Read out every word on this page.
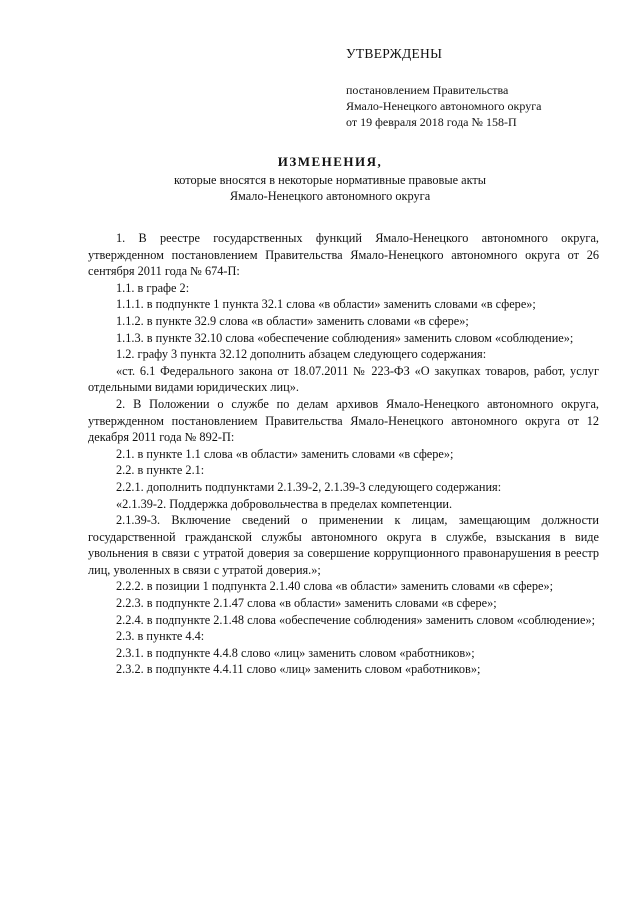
УТВЕРЖДЕНЫ
постановлением Правительства
Ямало-Ненецкого автономного округа
от 19 февраля 2018 года № 158-П
ИЗМЕНЕНИЯ,
которые вносятся в некоторые нормативные правовые акты
Ямало-Ненецкого автономного округа

1. В реестре государственных функций Ямало-Ненецкого автономного округа, утвержденном постановлением Правительства Ямало-Ненецкого автономного округа от 26 сентября 2011 года № 674-П:

1.1. в графе 2:

1.1.1. в подпункте 1 пункта 32.1 слова «в области» заменить словами «в сфере»;

1.1.2. в пункте 32.9 слова «в области» заменить словами «в сфере»;

1.1.3. в пункте 32.10 слова «обеспечение соблюдения» заменить словом «соблюдение»;

1.2. графу 3 пункта 32.12 дополнить абзацем следующего содержания:

«ст. 6.1 Федерального закона от 18.07.2011 № 223-ФЗ «О закупках товаров, работ, услуг отдельными видами юридических лиц».

2. В Положении о службе по делам архивов Ямало-Ненецкого автономного округа, утвержденном постановлением Правительства Ямало-Ненецкого автономного округа от 12 декабря 2011 года № 892-П:

2.1. в пункте 1.1 слова «в области» заменить словами «в сфере»;

2.2. в пункте 2.1:

2.2.1. дополнить подпунктами 2.1.39-2, 2.1.39-3 следующего содержания:

«2.1.39-2. Поддержка добровольчества в пределах компетенции.

2.1.39-3. Включение сведений о применении к лицам, замещающим должности государственной гражданской службы автономного округа в службе, взыскания в виде увольнения в связи с утратой доверия за совершение коррупционного правонарушения в реестр лиц, уволенных в связи с утратой доверия.»;

2.2.2. в позиции 1 подпункта 2.1.40 слова «в области» заменить словами «в сфере»;

2.2.3. в подпункте 2.1.47 слова «в области» заменить словами «в сфере»;

2.2.4. в подпункте 2.1.48 слова «обеспечение соблюдения» заменить словом «соблюдение»;

2.3. в пункте 4.4:

2.3.1. в подпункте 4.4.8 слово «лиц» заменить словом «работников»;

2.3.2. в подпункте 4.4.11 слово «лиц» заменить словом «работников»;
